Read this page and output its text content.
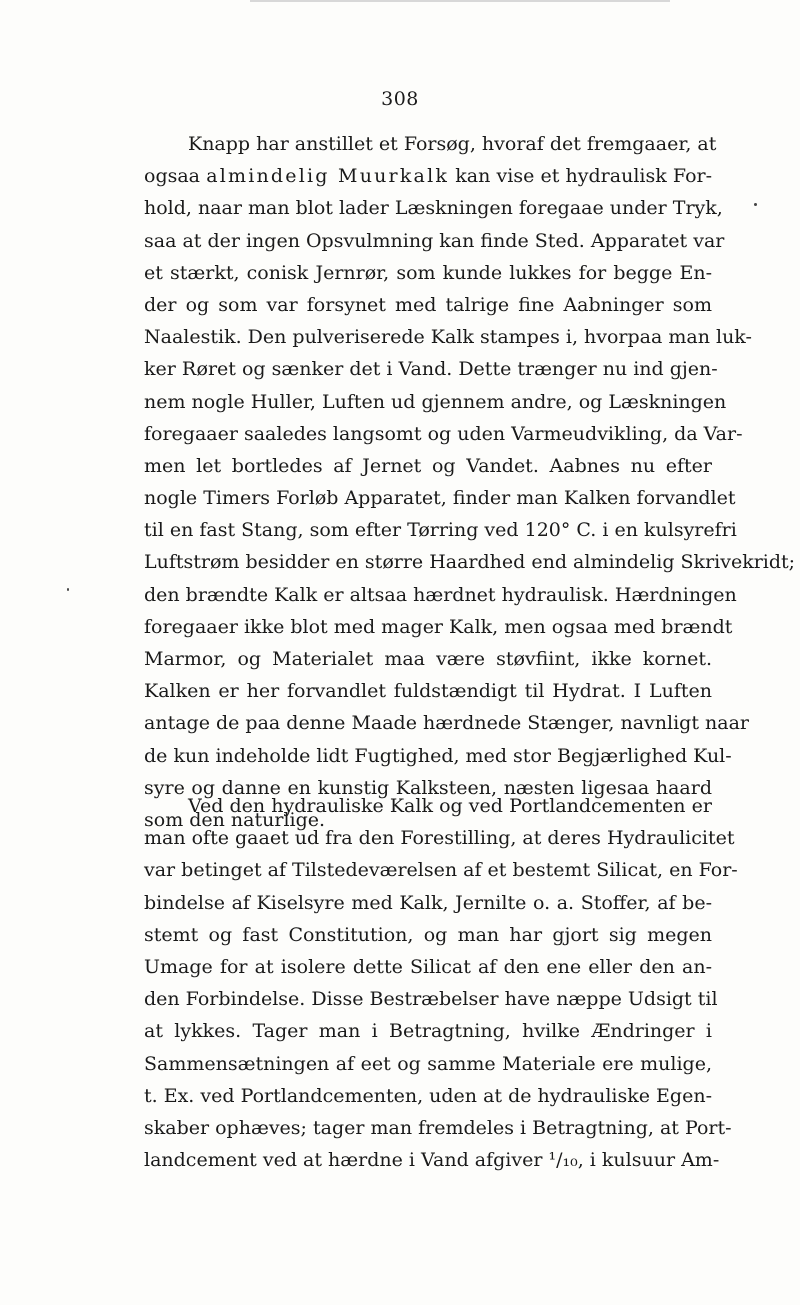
308
Knapp har anstillet et Forsøg, hvoraf det fremgaaer, at
ogsaa almindelig Muurkalk kan vise et hydraulisk For-
hold, naar man blot lader Læskningen foregaae under Tryk,
saa at der ingen Opsvulmning kan finde Sted. Apparatet var
et stærkt, conisk Jernrør, som kunde lukkes for begge En-
der og som var forsynet med talrige fine Aabninger som
Naalestik. Den pulveriserede Kalk stampes i, hvorpaa man luk-
ker Røret og sænker det i Vand. Dette trænger nu ind gjen-
nem nogle Huller, Luften ud gjennem andre, og Læskningen
foregaaer saaledes langsomt og uden Varmeudvikling, da Var-
men let bortledes af Jernet og Vandet. Aabnes nu efter
nogle Timers Forløb Apparatet, finder man Kalken forvandlet
til en fast Stang, som efter Tørring ved 120° C. i en kulsyrefri
Luftstrøm besidder en større Haardhed end almindelig Skrivekridt;
den brændte Kalk er altsaa hærdnet hydraulisk. Hærdningen
foregaaer ikke blot med mager Kalk, men ogsaa med brændt
Marmor, og Materialet maa være støvfiint, ikke kornet.
Kalken er her forvandlet fuldstændigt til Hydrat. I Luften
antage de paa denne Maade hærdnede Stænger, navnligt naar
de kun indeholde lidt Fugtighed, med stor Begjærlighed Kul-
syre og danne en kunstig Kalksteen, næsten ligesaa haard
som den naturlige.
Ved den hydrauliske Kalk og ved Portlandcementen er
man ofte gaaet ud fra den Forestilling, at deres Hydraulicitet
var betinget af Tilstedeværelsen af et bestemt Silicat, en For-
bindelse af Kiselsyre med Kalk, Jernilte o. a. Stoffer, af be-
stemt og fast Constitution, og man har gjort sig megen
Umage for at isolere dette Silicat af den ene eller den an-
den Forbindelse. Disse Bestræbelser have næppe Udsigt til
at lykkes. Tager man i Betragtning, hvilke Ændringer i
Sammensætningen af eet og samme Materiale ere mulige,
t. Ex. ved Portlandcementen, uden at de hydrauliske Egen-
skaber ophæves; tager man fremdeles i Betragtning, at Port-
landcement ved at hærdne i Vand afgiver ¹/₁₀, i kulsuur Am-
